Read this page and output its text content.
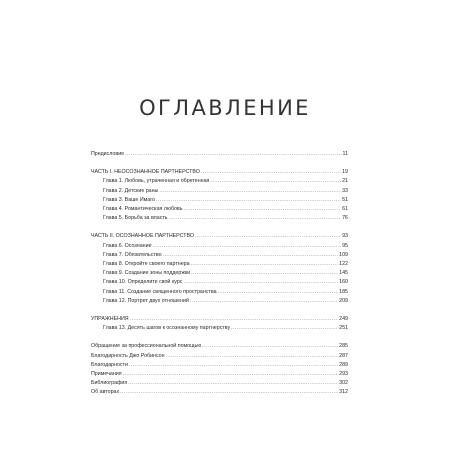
ОГЛАВЛЕНИЕ
Предисловие .....	11
ЧАСТЬ I. НЕОСОЗНАННОЕ ПАРТНЕРСТВО .....	19
Глава 1. Любовь, утраченная и обретенная .....	21
Глава 2. Детские раны .....	33
Глава 3. Ваше Имаго .....	51
Глава 4. Романтическая любовь .....	61
Глава 5. Борьба за власть .....	76
ЧАСТЬ II. ОСОЗНАННОЕ ПАРТНЕРСТВО .....	93
Глава 6. Осознание .....	95
Глава 7. Обязательство .....	109
Глава 8. Откройте своего партнера .....	122
Глава 9. Создание зоны поддержки .....	145
Глава 10. Определите свой курс .....	160
Глава 11. Создание священного пространства .....	185
Глава 12. Портрет двух отношений .....	209
УПРАЖНЕНИЯ .....	249
Глава 13. Десять шагов к осознанному партнерству .....	251
Обращение за профессиональной помощью .....	285
Благодарность Джо Робинсон .....	287
Благодарности .....	289
Примечания .....	293
Библиография .....	302
Об авторах .....	312
